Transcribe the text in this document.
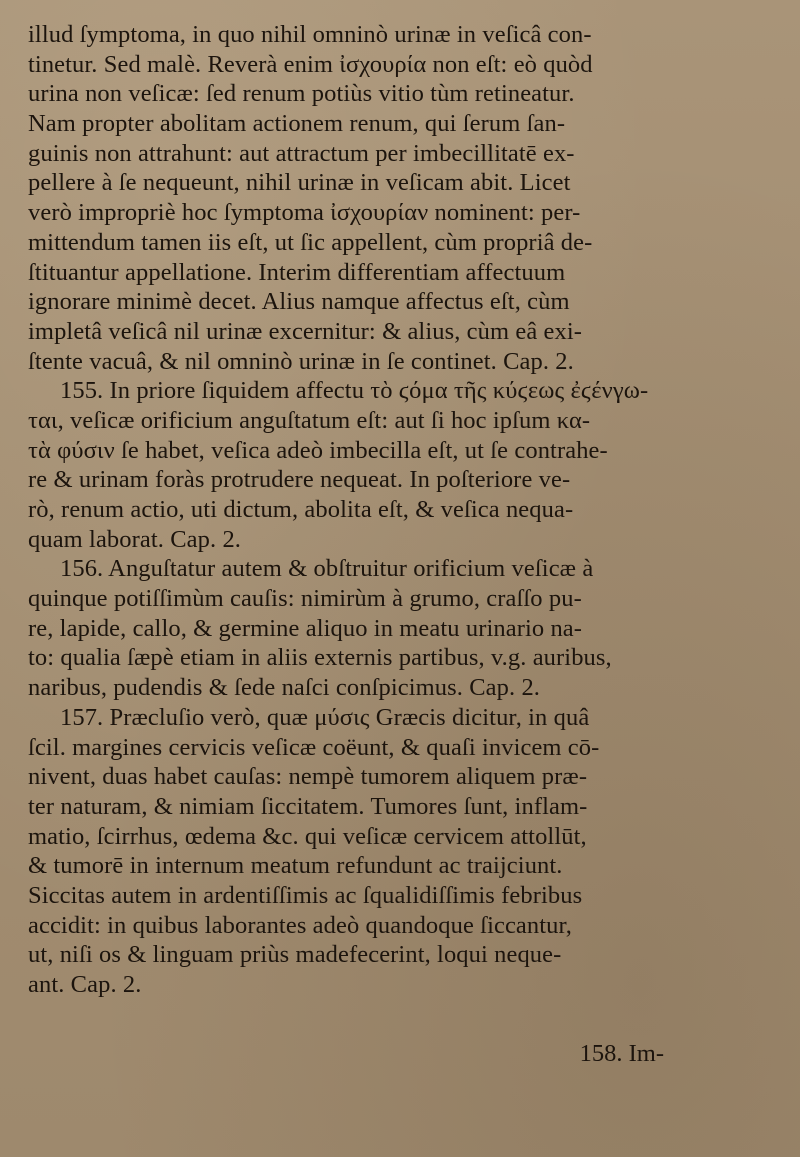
illud ſymptoma, in quo nihil omninò urinæ in veſicâ con-
tinetur. Sed malè. Reverà enim ἰσχουρία non eſt: eò quòd
urina non veſicæ: ſed renum potiùs vitio tùm retineatur.
Nam propter abolitam actionem renum, qui ſerum ſan-
guinis non attrahunt: aut attractum per imbecillitatē ex-
pellere à ſe nequeunt, nihil urinæ in veſicam abit. Licet
verò impropriè hoc ſymptoma ἰσχουρίαν nominent: per-
mittendum tamen iis eſt, ut ſic appellent, cùm propriâ de-
ſtituantur appellatione. Interim differentiam affectuum
ignorare minimè decet. Alius namque affectus eſt, cùm
impletâ veſicâ nil urinæ excernitur: & alius, cùm eâ exi-
ſtente vacuâ, & nil omninò urinæ in ſe continet. Cap. 2.
155. In priore ſiquidem affectu τὸ ϛόμα τῆς κύϛεως ἐϛένγω-
ται, veſicæ orificium anguſtatum eſt: aut ſi hoc ipſum κα-
τὰ φύσιν ſe habet, veſica adeò imbecilla eſt, ut ſe contrahe-
re & urinam foràs protrudere nequeat. In poſteriore ve-
rò, renum actio, uti dictum, abolita eſt, & veſica nequa-
quam laborat. Cap. 2.
156. Anguſtatur autem & obſtruitur orificium veſicæ à
quinque potiſſimùm cauſis: nimirùm à grumo, craſſo pu-
re, lapide, callo, & germine aliquo in meatu urinario na-
to: qualia ſæpè etiam in aliis externis partibus, v.g. auribus,
naribus, pudendis & ſede naſci conſpicimus. Cap. 2.
157. Præcluſio verò, quæ μύσις Græcis dicitur, in quâ
ſcil. margines cervicis veſicæ coëunt, & quaſi invicem cō-
nivent, duas habet cauſas: nempè tumorem aliquem præ-
ter naturam, & nimiam ſiccitatem. Tumores ſunt, inflam-
matio, ſcirrhus, œdema &c. qui veſicæ cervicem attollūt,
& tumorē in internum meatum refundunt ac traijciunt.
Siccitas autem in ardentiſſimis ac ſqualidiſſimis febribus
accidit: in quibus laborantes adeò quandoque ſiccantur,
ut, niſi os & linguam priùs madefecerint, loqui neque-
ant. Cap. 2.
158. Im-
